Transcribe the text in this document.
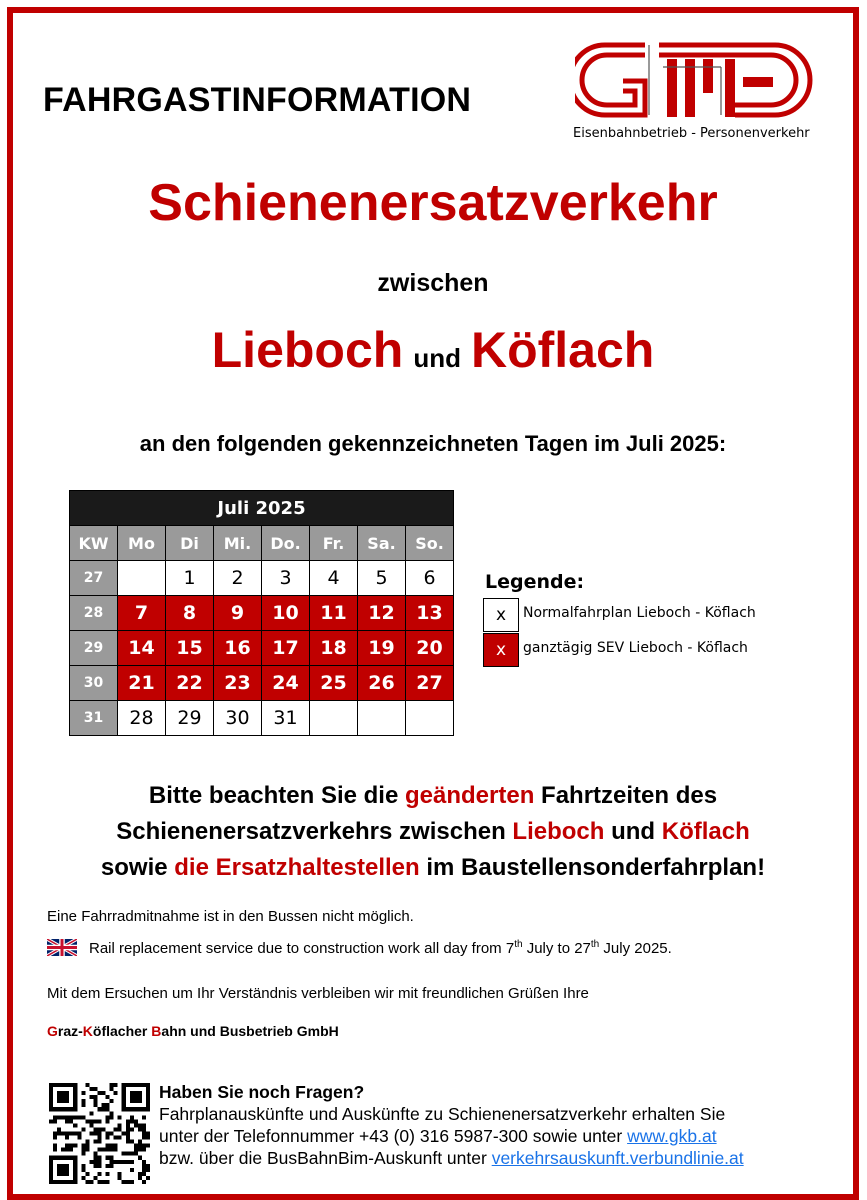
FAHRGASTINFORMATION
Eisenbahnbetrieb - Personenverkehr
Schienenersatzverkehr
zwischen
Lieboch und Köflach
an den folgenden gekennzeichneten Tagen im Juli 2025:
Juli 2025							
KW	Mo	Di	Mi.	Do.	Fr.	Sa.	So.
27		1	2	3	4	5	6
28	7	8	9	10	11	12	13
29	14	15	16	17	18	19	20
30	21	22	23	24	25	26	27
31	28	29	30	31			
Legende:
x	Normalfahrplan Lieboch - Köflach
x	ganztägig SEV Lieboch - Köflach
Bitte beachten Sie die geänderten Fahrtzeiten des
Schienenersatzverkehrs zwischen Lieboch und Köflach
sowie die Ersatzhaltestellen im Baustellensonderfahrplan!
Eine Fahrradmitnahme ist in den Bussen nicht möglich.
Rail replacement service due to construction work all day from 7th July to 27th July 2025.
Mit dem Ersuchen um Ihr Verständnis verbleiben wir mit freundlichen Grüßen Ihre
Graz-Köflacher Bahn und Busbetrieb GmbH
Haben Sie noch Fragen?
Fahrplanauskünfte und Auskünfte zu Schienenersatzverkehr erhalten Sie
unter der Telefonnummer +43 (0) 316 5987-300 sowie unter www.gkb.at
bzw. über die BusBahnBim-Auskunft unter verkehrsauskunft.verbundlinie.at
